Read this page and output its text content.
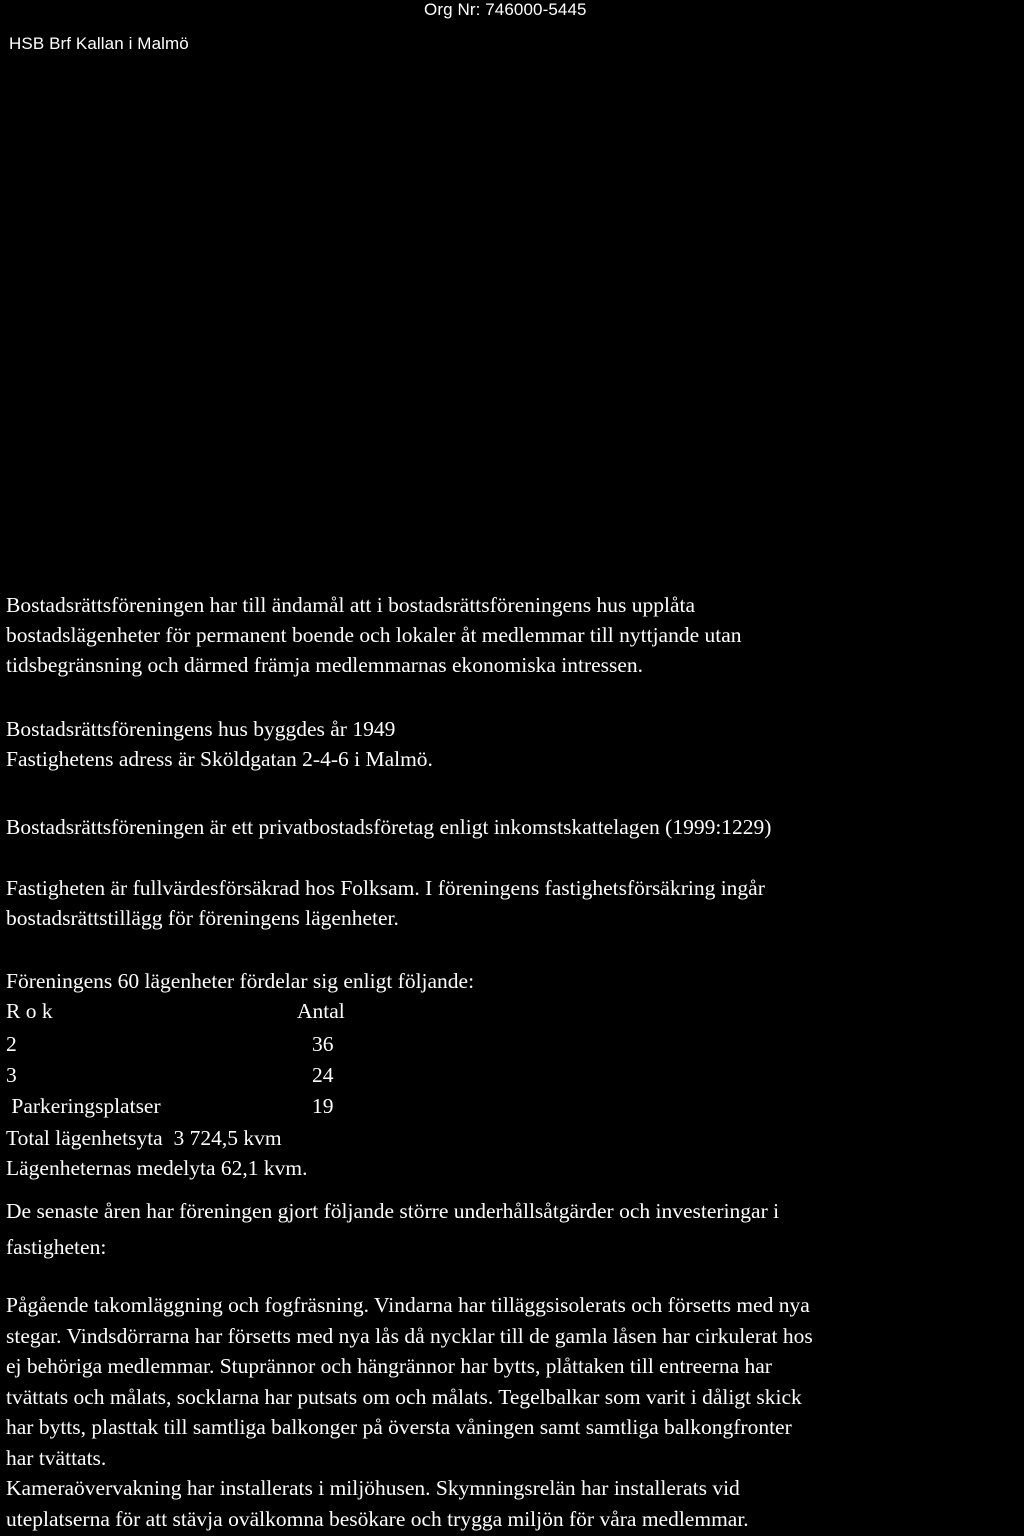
HSB Brf Kallan i Malmö
Org Nr: 746000-5445
Bostadsrättsföreningen har till ändamål att i bostadsrättsföreningens hus upplåta
bostadslägenheter för permanent boende och lokaler åt medlemmar till nyttjande utan
tidsbegränsning och därmed främja medlemmarnas ekonomiska intressen.
Bostadsrättsföreningens hus byggdes år 1949
Fastighetens adress är Sköldgatan 2-4-6 i Malmö.
Bostadsrättsföreningen är ett privatbostadsföretag enligt inkomstskattelagen (1999:1229)
Fastigheten är fullvärdesförsäkrad hos Folksam. I föreningens fastighetsförsäkring ingår
bostadsrättstillägg för föreningens lägenheter.
Föreningens 60 lägenheter fördelar sig enligt följande:
R o k	Antal
2	36
3	24
Parkeringsplatser	19
Total lägenhetsyta  3 724,5 kvm
Lägenheternas medelyta 62,1 kvm.
De senaste åren har föreningen gjort följande större underhållsåtgärder och investeringar i
fastigheten:
Pågående takomläggning och fogfräsning. Vindarna har tilläggsisolerats och försetts med nya
stegar. Vindsdörrarna har försetts med nya lås då nycklar till de gamla låsen har cirkulerat hos
ej behöriga medlemmar. Stuprännor och hängrännor har bytts, plåttaken till entreerna har
tvättats och målats, socklarna har putsats om och målats. Tegelbalkar som varit i dåligt skick
har bytts, plasttak till samtliga balkonger på översta våningen samt samtliga balkongfronter
har tvättats.
Kameraövervakning har installerats i miljöhusen. Skymningsrelän har installerats vid
uteplatserna för att stävja ovälkomna besökare och trygga miljön för våra medlemmar.
